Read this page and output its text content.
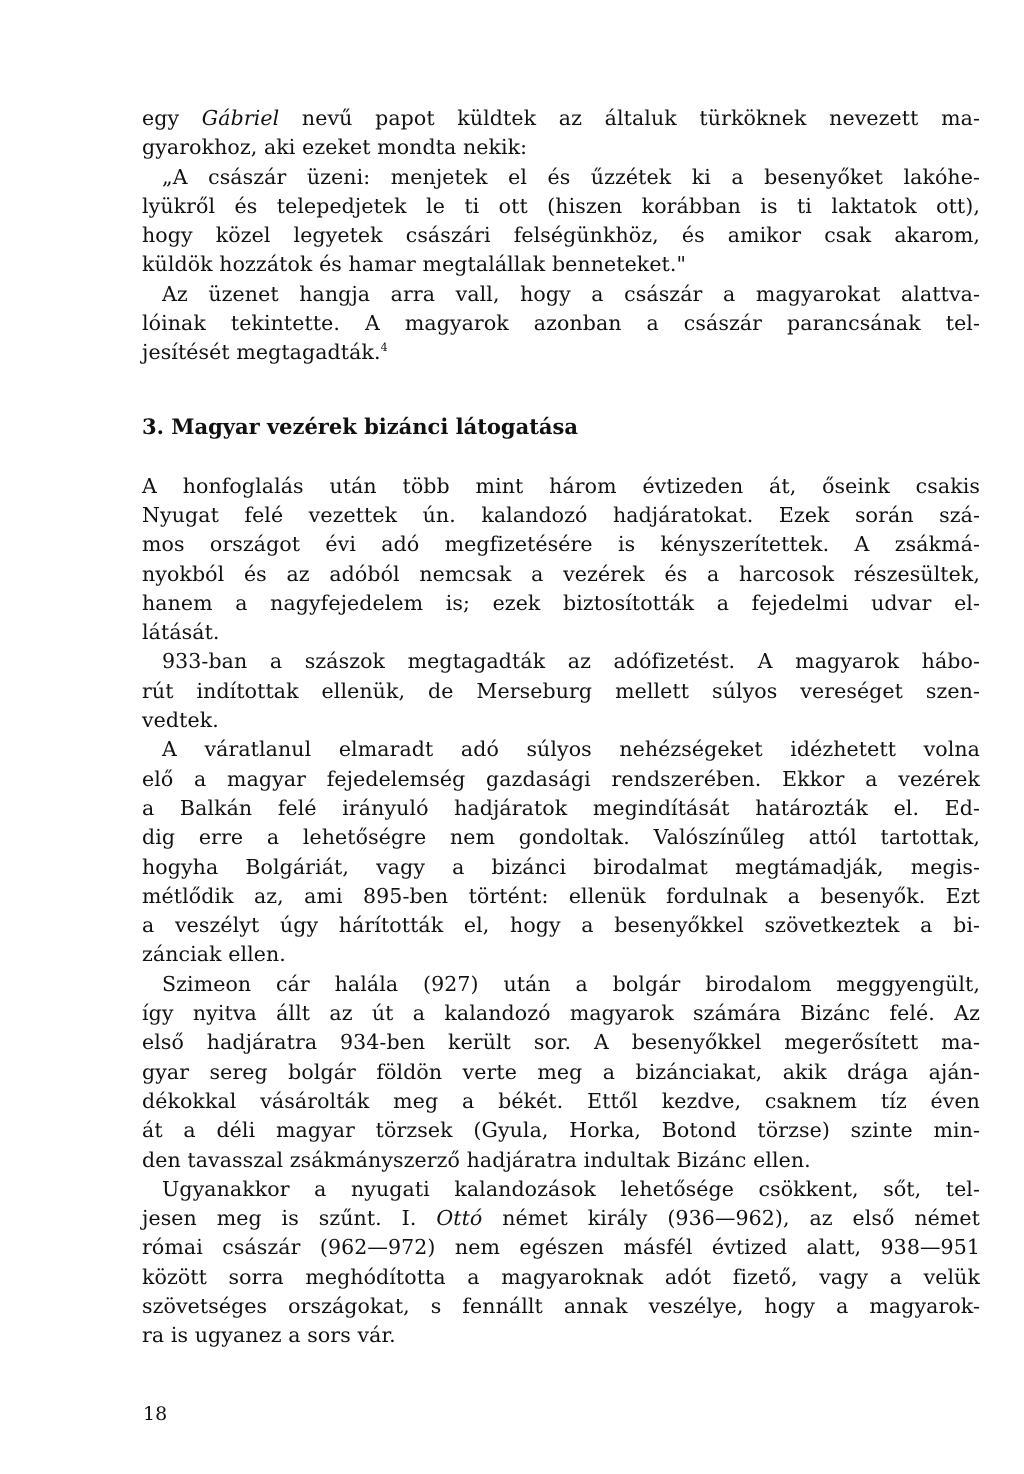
egy Gábriel nevű papot küldtek az általuk türköknek nevezett ma-
gyarokhoz, aki ezeket mondta nekik:
„A császár üzeni: menjetek el és űzzétek ki a besenyőket lakóhe-
lyükről és telepedjetek le ti ott (hiszen korábban is ti laktatok ott),
hogy közel legyetek császári felségünkhöz, és amikor csak akarom,
küldök hozzátok és hamar megtalállak benneteket."
Az üzenet hangja arra vall, hogy a császár a magyarokat alattva-
lóinak tekintette. A magyarok azonban a császár parancsának tel-
jesítését megtagadták.$^4$
3. Magyar vezérek bizánci látogatása
A honfoglalás után több mint három évtizeden át, őseink csakis
Nyugat felé vezettek ún. kalandozó hadjáratokat. Ezek során szá-
mos országot évi adó megfizetésére is kényszerítettek. A zsákmá-
nyokból és az adóból nemcsak a vezérek és a harcosok részesültek,
hanem a nagyfejedelem is; ezek biztosították a fejedelmi udvar el-
látását.
933-ban a szászok megtagadták az adófizetést. A magyarok hábo-
rút indítottak ellenük, de Merseburg mellett súlyos vereséget szen-
vedtek.
A váratlanul elmaradt adó súlyos nehézségeket idézhetett volna
elő a magyar fejedelemség gazdasági rendszerében. Ekkor a vezérek
a Balkán felé irányuló hadjáratok megindítását határozták el. Ed-
dig erre a lehetőségre nem gondoltak. Valószínűleg attól tartottak,
hogyha Bolgáriát, vagy a bizánci birodalmat megtámadják, megis-
métlődik az, ami 895-ben történt: ellenük fordulnak a besenyők. Ezt
a veszélyt úgy hárították el, hogy a besenyőkkel szövetkeztek a bi-
zánciak ellen.
Szimeon cár halála (927) után a bolgár birodalom meggyengült,
így nyitva állt az út a kalandozó magyarok számára Bizánc felé. Az
első hadjáratra 934-ben került sor. A besenyőkkel megerősített ma-
gyar sereg bolgár földön verte meg a bizánciakat, akik drága aján-
dékokkal vásárolták meg a békét. Ettől kezdve, csaknem tíz éven
át a déli magyar törzsek (Gyula, Horka, Botond törzse) szinte min-
den tavasszal zsákmányszerző hadjáratra indultak Bizánc ellen.
Ugyanakkor a nyugati kalandozások lehetősége csökkent, sőt, tel-
jesen meg is szűnt. I. Ottó német király (936—962), az első német
római császár (962—972) nem egészen másfél évtized alatt, 938—951
között sorra meghódította a magyaroknak adót fizető, vagy a velük
szövetséges országokat, s fennállt annak veszélye, hogy a magyarok-
ra is ugyanez a sors vár.
18
